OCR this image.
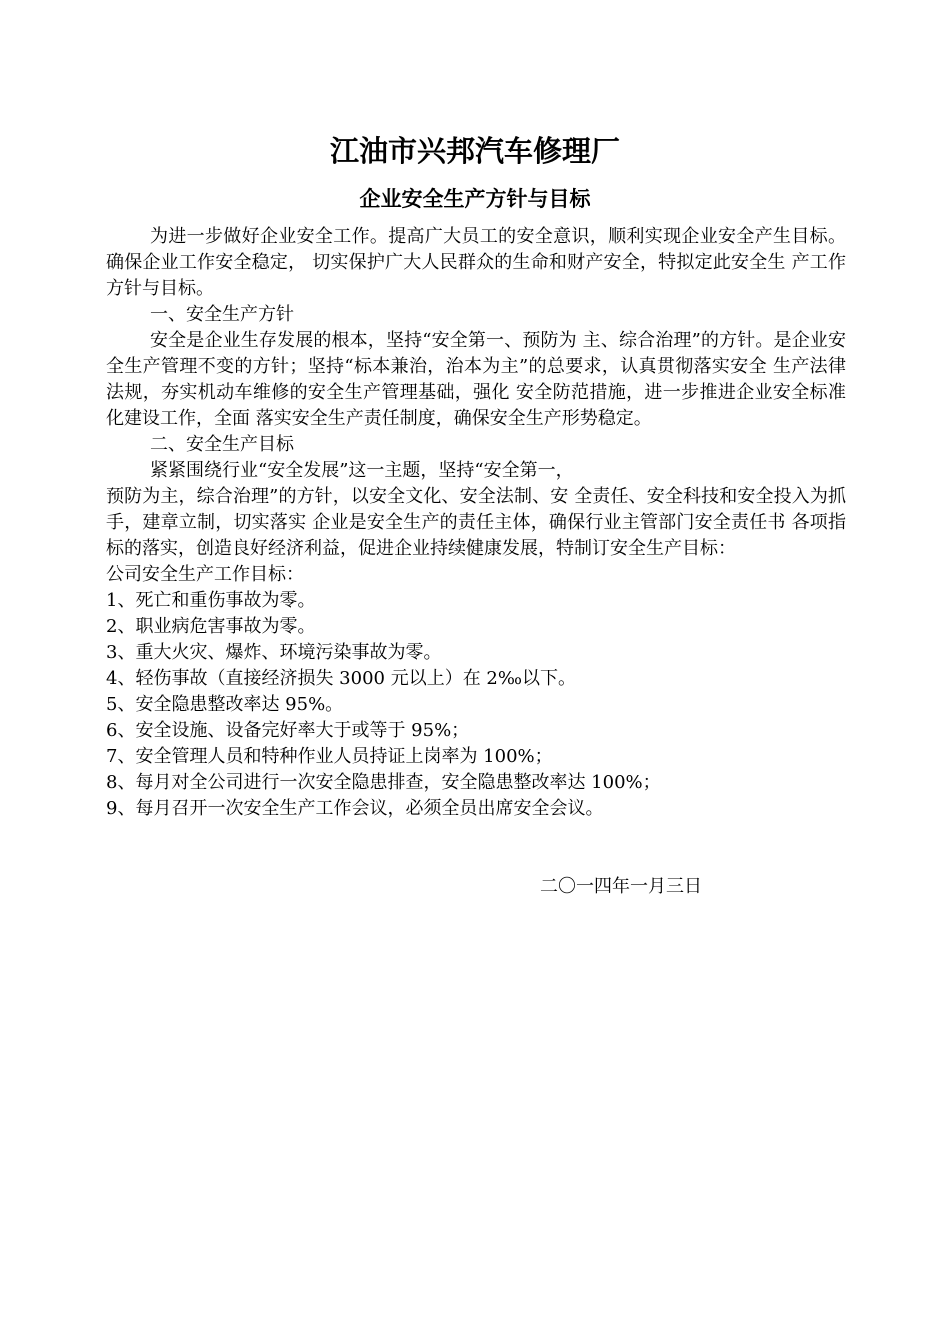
江油市兴邦汽车修理厂
企业安全生产方针与目标

为进一步做好企业安全工作。提高广大员工的安全意识，顺利实现企业安全产生目标。确保企业工作安全稳定， 切实保护广大人民群众的生命和财产安全，特拟定此安全生 产工作方针与目标。

一、安全生产方针

安全是企业生存发展的根本，坚持“安全第一、预防为 主、综合治理”的方针。是企业安全生产管理不变的方针；坚持“标本兼治，治本为主”的总要求，认真贯彻落实安全 生产法律法规，夯实机动车维修的安全生产管理基础，强化 安全防范措施，进一步推进企业安全标准化建设工作，全面 落实安全生产责任制度，确保安全生产形势稳定。

二、安全生产目标

紧紧围绕行业“安全发展”这一主题，坚持“安全第一，

预防为主，综合治理”的方针，以安全文化、安全法制、安 全责任、安全科技和安全投入为抓手，建章立制，切实落实 企业是安全生产的责任主体，确保行业主管部门安全责任书 各项指标的落实，创造良好经济利益，促进企业持续健康发展，特制订安全生产目标：

公司安全生产工作目标：

1、死亡和重伤事故为零。
2、职业病危害事故为零。
3、重大火灾、爆炸、环境污染事故为零。
4、轻伤事故（直接经济损失 3000 元以上）在 2‰以下。
5、安全隐患整改率达 95%。
6、安全设施、设备完好率大于或等于 95%；
7、安全管理人员和特种作业人员持证上岗率为 100%；
8、每月对全公司进行一次安全隐患排查，安全隐患整改率达 100%；
9、每月召开一次安全生产工作会议，必须全员出席安全会议。
二〇一四年一月三日
